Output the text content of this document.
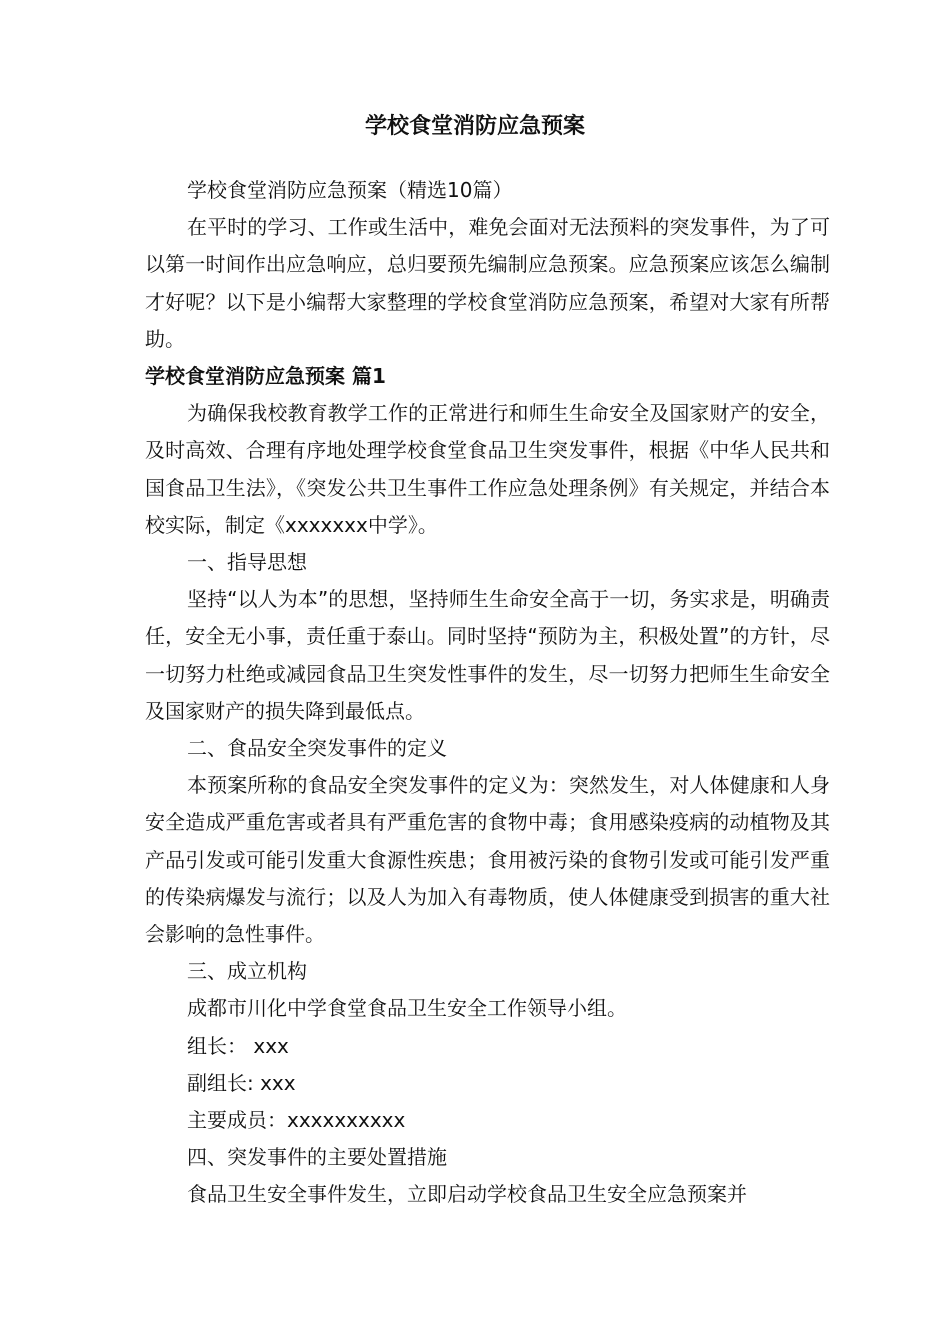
学校食堂消防应急预案

学校食堂消防应急预案（精选10篇）

在平时的学习、工作或生活中，难免会面对无法预料的突发事件，为了可以第一时间作出应急响应，总归要预先编制应急预案。应急预案应该怎么编制才好呢？以下是小编帮大家整理的学校食堂消防应急预案，希望对大家有所帮助。

学校食堂消防应急预案 篇1

为确保我校教育教学工作的正常进行和师生生命安全及国家财产的安全，及时高效、合理有序地处理学校食堂食品卫生突发事件，根据《中华人民共和国食品卫生法》，《突发公共卫生事件工作应急处理条例》有关规定，并结合本校实际，制定《xxxxxxx中学》。

一、指导思想

坚持“以人为本”的思想，坚持师生生命安全高于一切，务实求是，明确责任，安全无小事，责任重于泰山。同时坚持“预防为主，积极处置”的方针，尽一切努力杜绝或减园食品卫生突发性事件的发生，尽一切努力把师生生命安全及国家财产的损失降到最低点。

二、食品安全突发事件的定义

本预案所称的食品安全突发事件的定义为：突然发生，对人体健康和人身安全造成严重危害或者具有严重危害的食物中毒；食用感染疫病的动植物及其产品引发或可能引发重大食源性疾患；食用被污染的食物引发或可能引发严重的传染病爆发与流行；以及人为加入有毒物质，使人体健康受到损害的重大社会影响的急性事件。

三、成立机构

成都市川化中学食堂食品卫生安全工作领导小组。

组长： xxx

副组长: xxx

主要成员：xxxxxxxxxx

四、突发事件的主要处置措施

食品卫生安全事件发生，立即启动学校食品卫生安全应急预案并
